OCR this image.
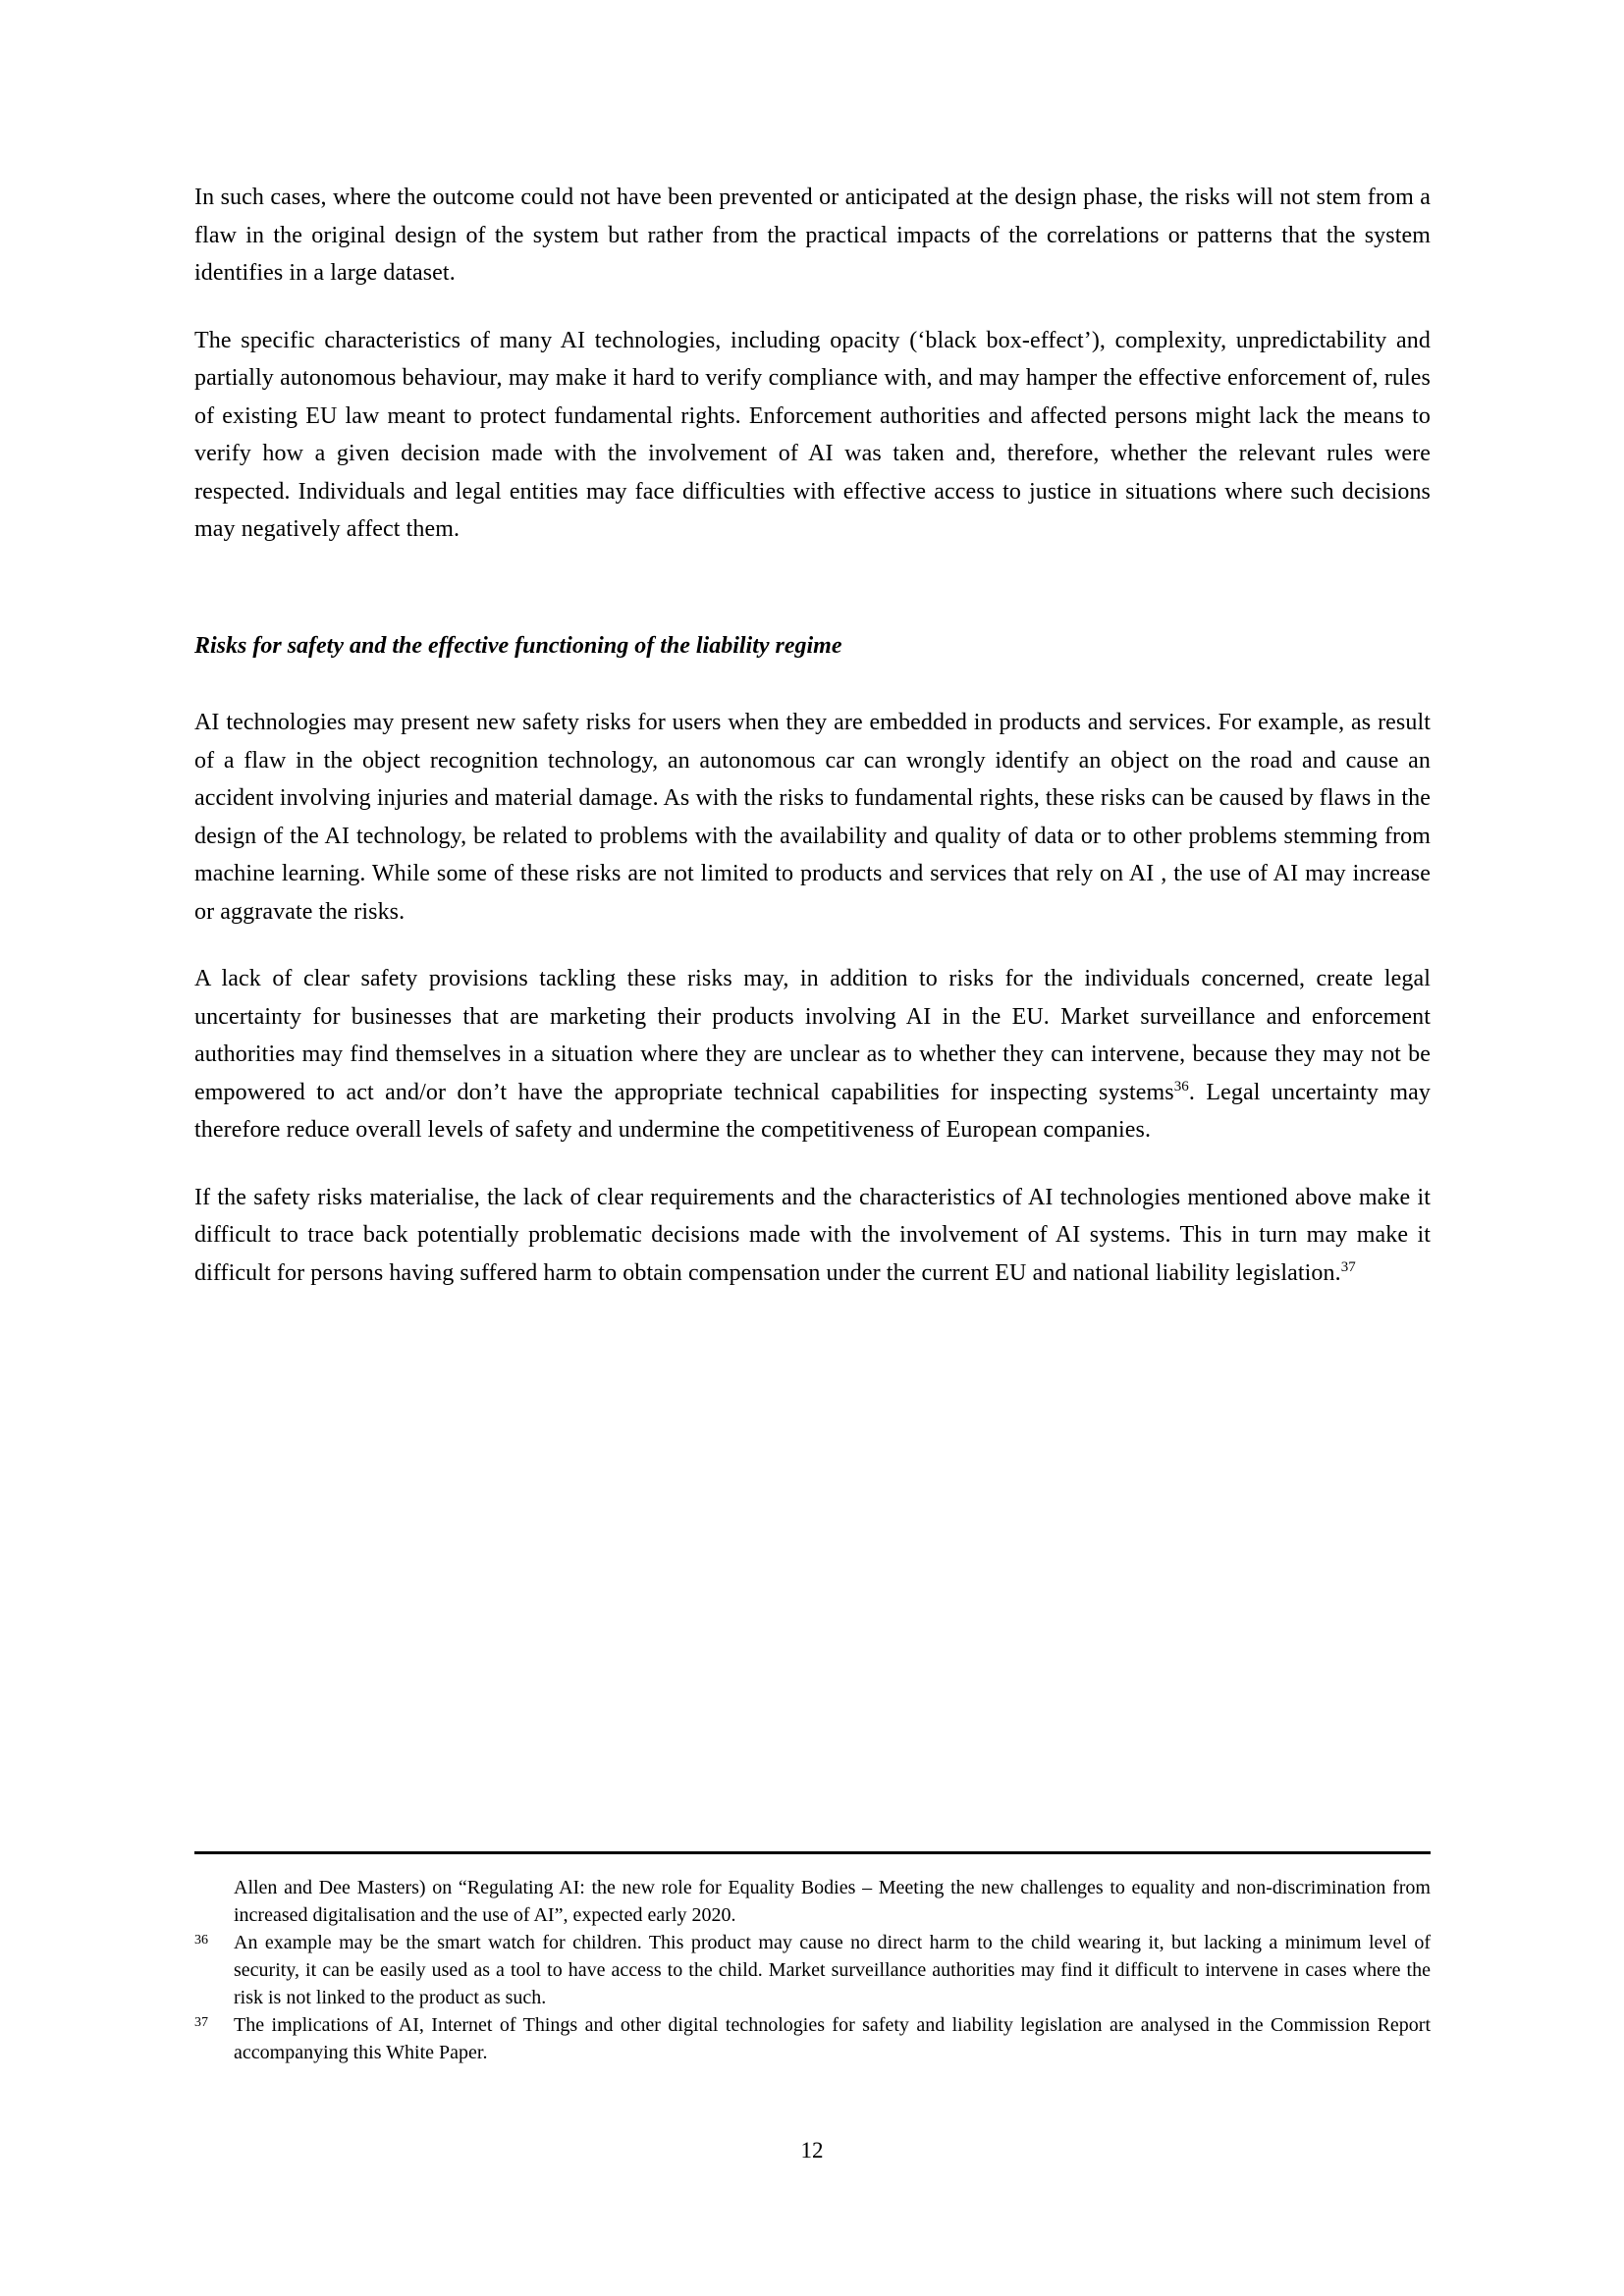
In such cases, where the outcome could not have been prevented or anticipated at the design phase, the risks will not stem from a flaw in the original design of the system but rather from the practical impacts of the correlations or patterns that the system identifies in a large dataset.

The specific characteristics of many AI technologies, including opacity (‘black box-effect’), complexity, unpredictability and partially autonomous behaviour, may make it hard to verify compliance with, and may hamper the effective enforcement of, rules of existing EU law meant to protect fundamental rights. Enforcement authorities and affected persons might lack the means to verify how a given decision made with the involvement of AI was taken and, therefore, whether the relevant rules were respected. Individuals and legal entities may face difficulties with effective access to justice in situations where such decisions may negatively affect them.

Risks for safety and the effective functioning of the liability regime

AI technologies may present new safety risks for users when they are embedded in products and services. For example, as result of a flaw in the object recognition technology, an autonomous car can wrongly identify an object on the road and cause an accident involving injuries and material damage. As with the risks to fundamental rights, these risks can be caused by flaws in the design of the AI technology, be related to problems with the availability and quality of data or to other problems stemming from machine learning. While some of these risks are not limited to products and services that rely on AI , the use of AI may increase or aggravate the risks.

A lack of clear safety provisions tackling these risks may, in addition to risks for the individuals concerned, create legal uncertainty for businesses that are marketing their products involving AI in the EU. Market surveillance and enforcement authorities may find themselves in a situation where they are unclear as to whether they can intervene, because they may not be empowered to act and/or don’t have the appropriate technical capabilities for inspecting systems$^{36}$. Legal uncertainty may therefore reduce overall levels of safety and undermine the competitiveness of European companies.

If the safety risks materialise, the lack of clear requirements and the characteristics of AI technologies mentioned above make it difficult to trace back potentially problematic decisions made with the involvement of AI systems. This in turn may make it difficult for persons having suffered harm to obtain compensation under the current EU and national liability legislation.$^{37}$

Allen and Dee Masters) on “Regulating AI: the new role for Equality Bodies – Meeting the new challenges to equality and non-discrimination from increased digitalisation and the use of AI”, expected early 2020.
36 An example may be the smart watch for children. This product may cause no direct harm to the child wearing it, but lacking a minimum level of security, it can be easily used as a tool to have access to the child. Market surveillance authorities may find it difficult to intervene in cases where the risk is not linked to the product as such.
37 The implications of AI, Internet of Things and other digital technologies for safety and liability legislation are analysed in the Commission Report accompanying this White Paper.
12
